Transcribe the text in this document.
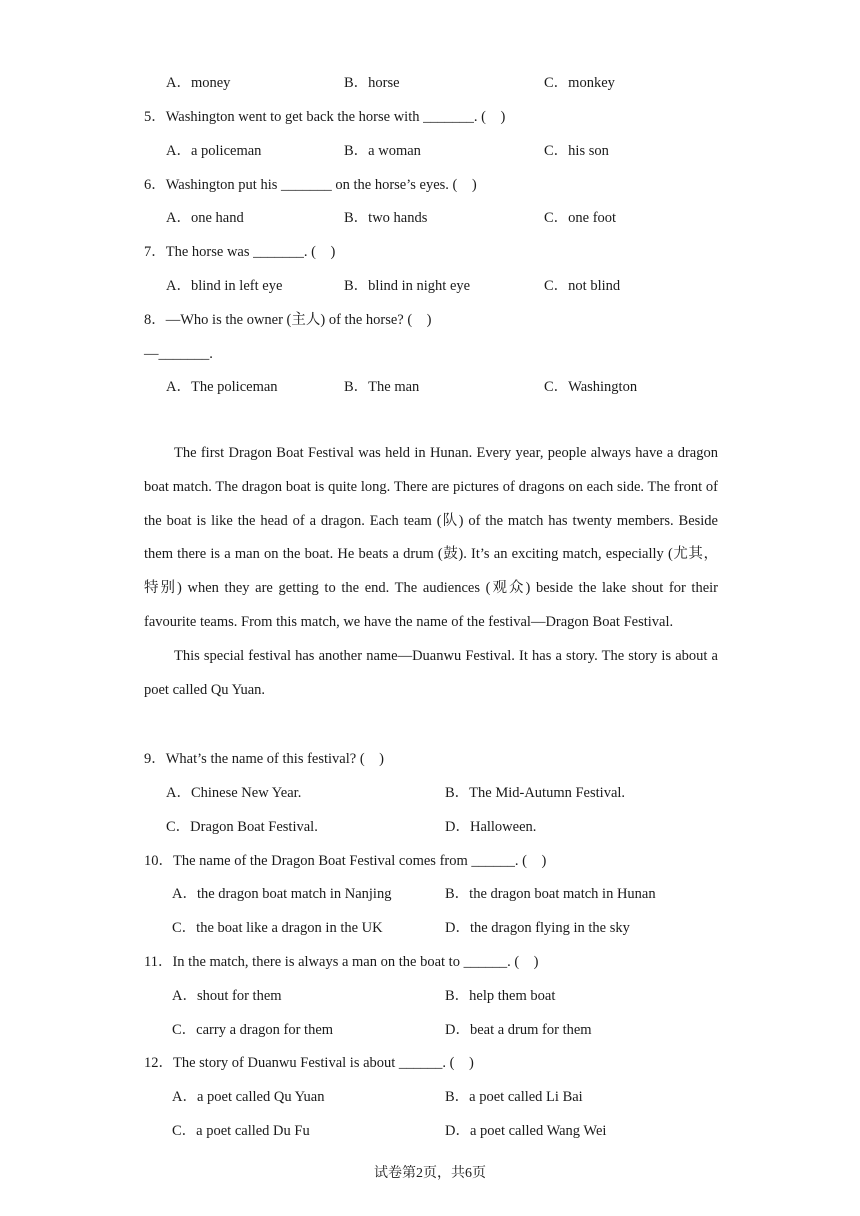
A．money	B．horse	C．monkey
5．Washington went to get back the horse with _______. (　)
A．a policeman	B．a woman	C．his son
6．Washington put his _______ on the horse’s eyes. (　)
A．one hand	B．two hands	C．one foot
7．The horse was _______. (　)
A．blind in left eye	B．blind in night eye	C．not blind
8．—Who is the owner (主人) of the horse? (　)
—_______.
A．The policeman	B．The man	C．Washington

The first Dragon Boat Festival was held in Hunan. Every year, people always have a dragon boat match. The dragon boat is quite long. There are pictures of dragons on each side. The front of the boat is like the head of a dragon. Each team (队) of the match has twenty members. Beside them there is a man on the boat. He beats a drum (鼓). It’s an exciting match, especially (尤其，特别) when they are getting to the end. The audiences (观众) beside the lake shout for their favourite teams. From this match, we have the name of the festival—Dragon Boat Festival.

This special festival has another name—Duanwu Festival. It has a story. The story is about a poet called Qu Yuan.

9．What’s the name of this festival? (　)
A．Chinese New Year.	B．The Mid-Autumn Festival.
C．Dragon Boat Festival.	D．Halloween.
10．The name of the Dragon Boat Festival comes from ______. (　)
A．the dragon boat match in Nanjing	B．the dragon boat match in Hunan
C．the boat like a dragon in the UK	D．the dragon flying in the sky
11．In the match, there is always a man on the boat to ______. (　)
A．shout for them	B．help them boat
C．carry a dragon for them	D．beat a drum for them
12．The story of Duanwu Festival is about ______. (　)
A．a poet called Qu Yuan	B．a poet called Li Bai
C．a poet called Du Fu	D．a poet called Wang Wei
试卷第2页，共6页
